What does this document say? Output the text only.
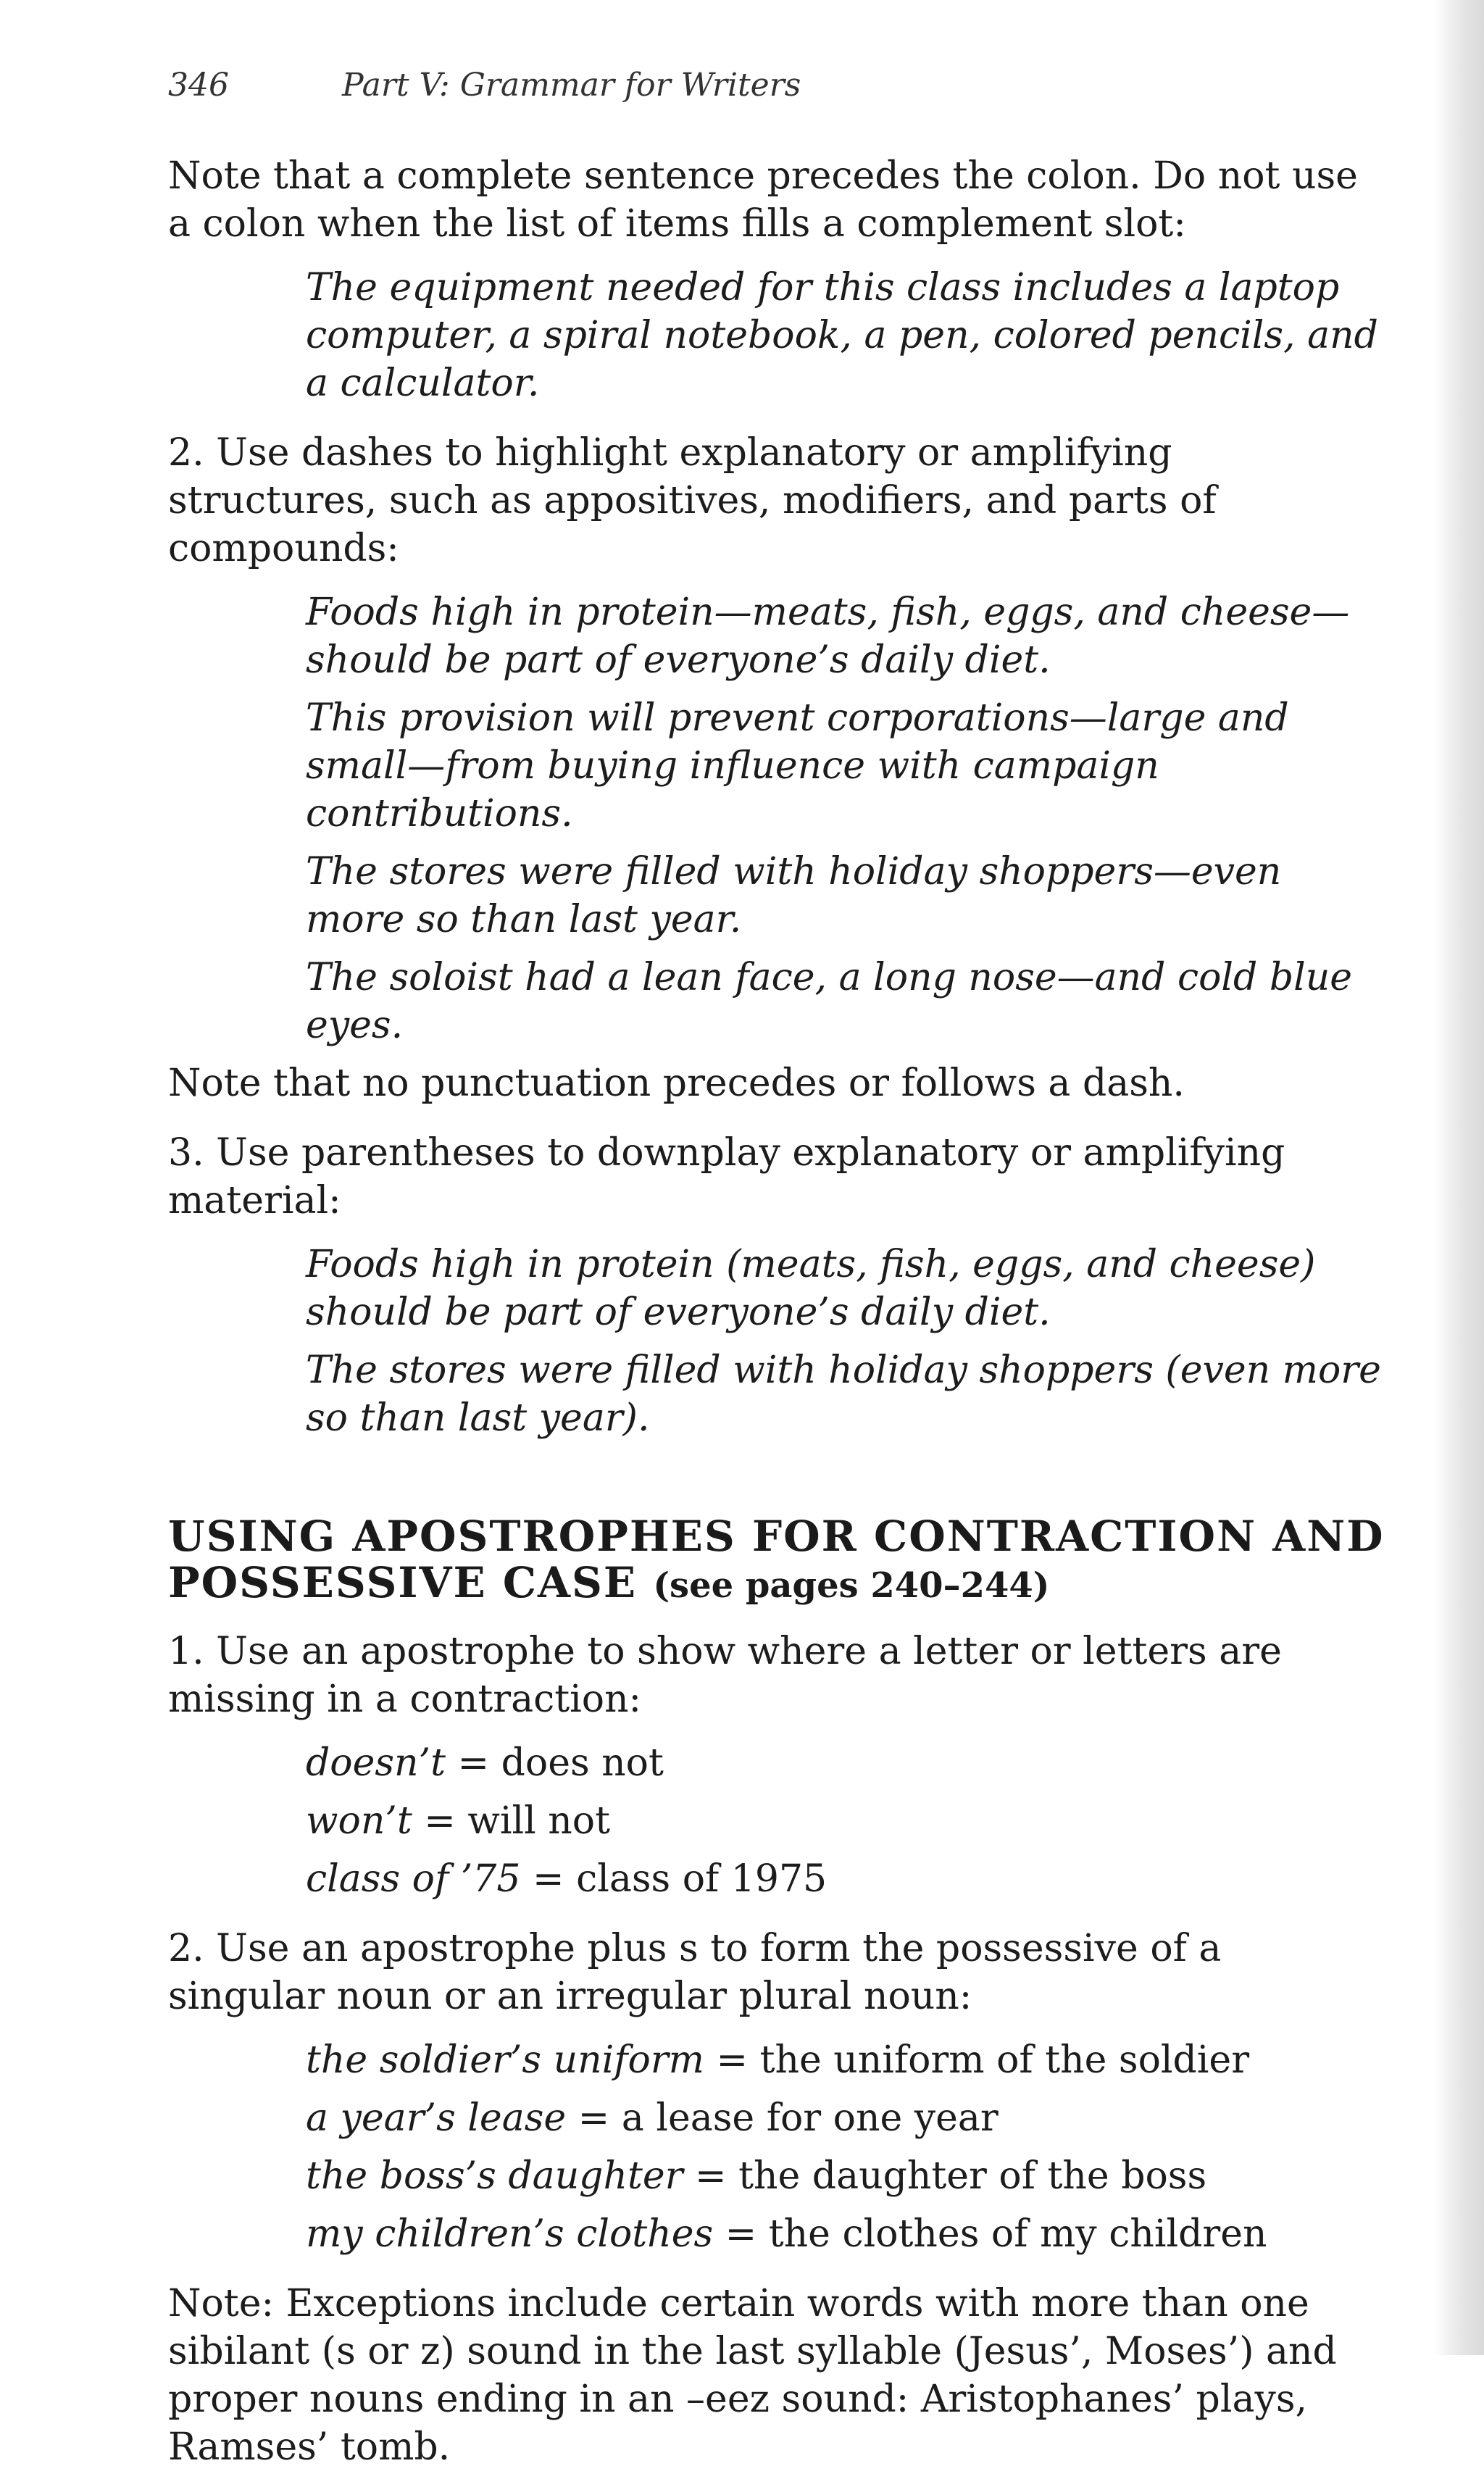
346	Part V: Grammar for Writers

Note that a complete sentence precedes the colon. Do not use a colon when the list of items fills a complement slot:

The equipment needed for this class includes a laptop computer, a spiral notebook, a pen, colored pencils, and a calculator.

2. Use dashes to highlight explanatory or amplifying structures, such as appositives, modifiers, and parts of compounds:

Foods high in protein—meats, fish, eggs, and cheese—should be part of everyone’s daily diet.

This provision will prevent corporations—large and small—from buying influence with campaign contributions.

The stores were filled with holiday shoppers—even more so than last year.

The soloist had a lean face, a long nose—and cold blue eyes.

Note that no punctuation precedes or follows a dash.

3. Use parentheses to downplay explanatory or amplifying material:

Foods high in protein (meats, fish, eggs, and cheese) should be part of everyone’s daily diet.

The stores were filled with holiday shoppers (even more so than last year).

USING APOSTROPHES FOR CONTRACTION AND POSSESSIVE CASE (see pages 240–244)

1. Use an apostrophe to show where a letter or letters are missing in a contraction:

doesn’t = does not

won’t = will not

class of ’75 = class of 1975

2. Use an apostrophe plus s to form the possessive of a singular noun or an irregular plural noun:

the soldier’s uniform = the uniform of the soldier

a year’s lease = a lease for one year

the boss’s daughter = the daughter of the boss

my children’s clothes = the clothes of my children

Note: Exceptions include certain words with more than one sibilant (s or z) sound in the last syllable (Jesus’, Moses’) and proper nouns ending in an –eez sound: Aristophanes’ plays, Ramses’ tomb.
